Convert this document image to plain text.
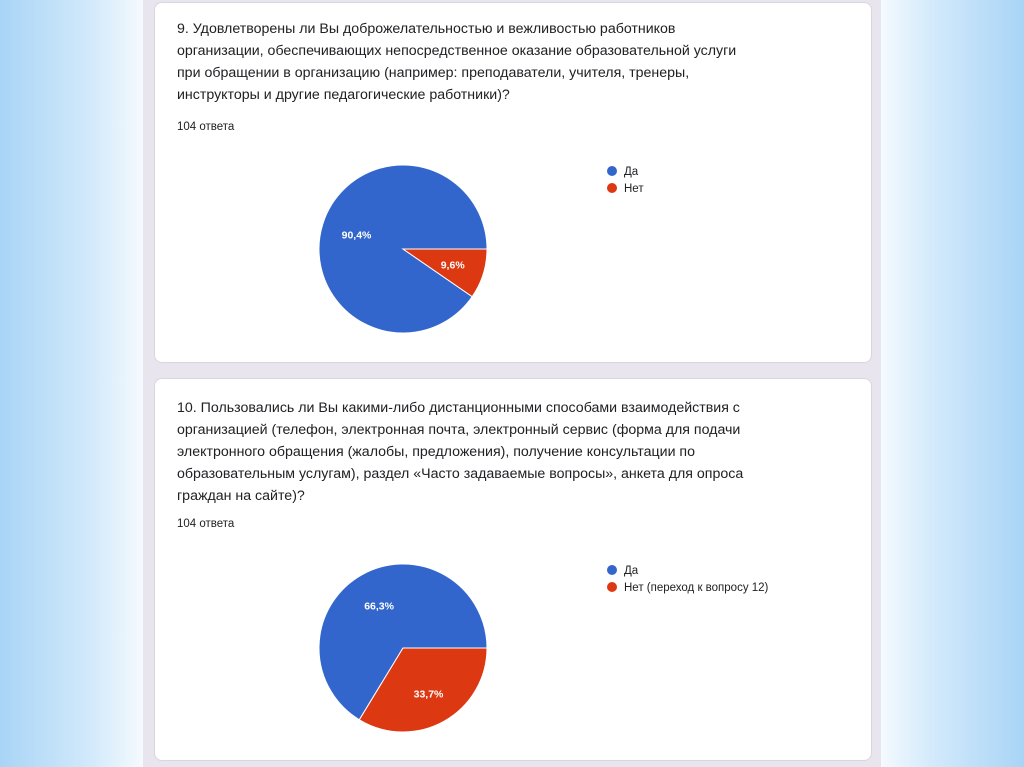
9. Удовлетворены ли Вы доброжелательностью и вежливостью работников
организации, обеспечивающих непосредственное оказание образовательной услуги
при обращении в организацию (например: преподаватели, учителя, тренеры,
инструкторы и другие педагогические работники)?

104 ответа
90,4%
9,6%
Да
Нет

10. Пользовались ли Вы какими-либо дистанционными способами взаимодействия с
организацией (телефон, электронная почта, электронный сервис (форма для подачи
электронного обращения (жалобы, предложения), получение консультации по
образовательным услугам), раздел «Часто задаваемые вопросы», анкета для опроса
граждан на сайте)?

104 ответа
66,3%
33,7%
Да
Нет (переход к вопросу 12)
